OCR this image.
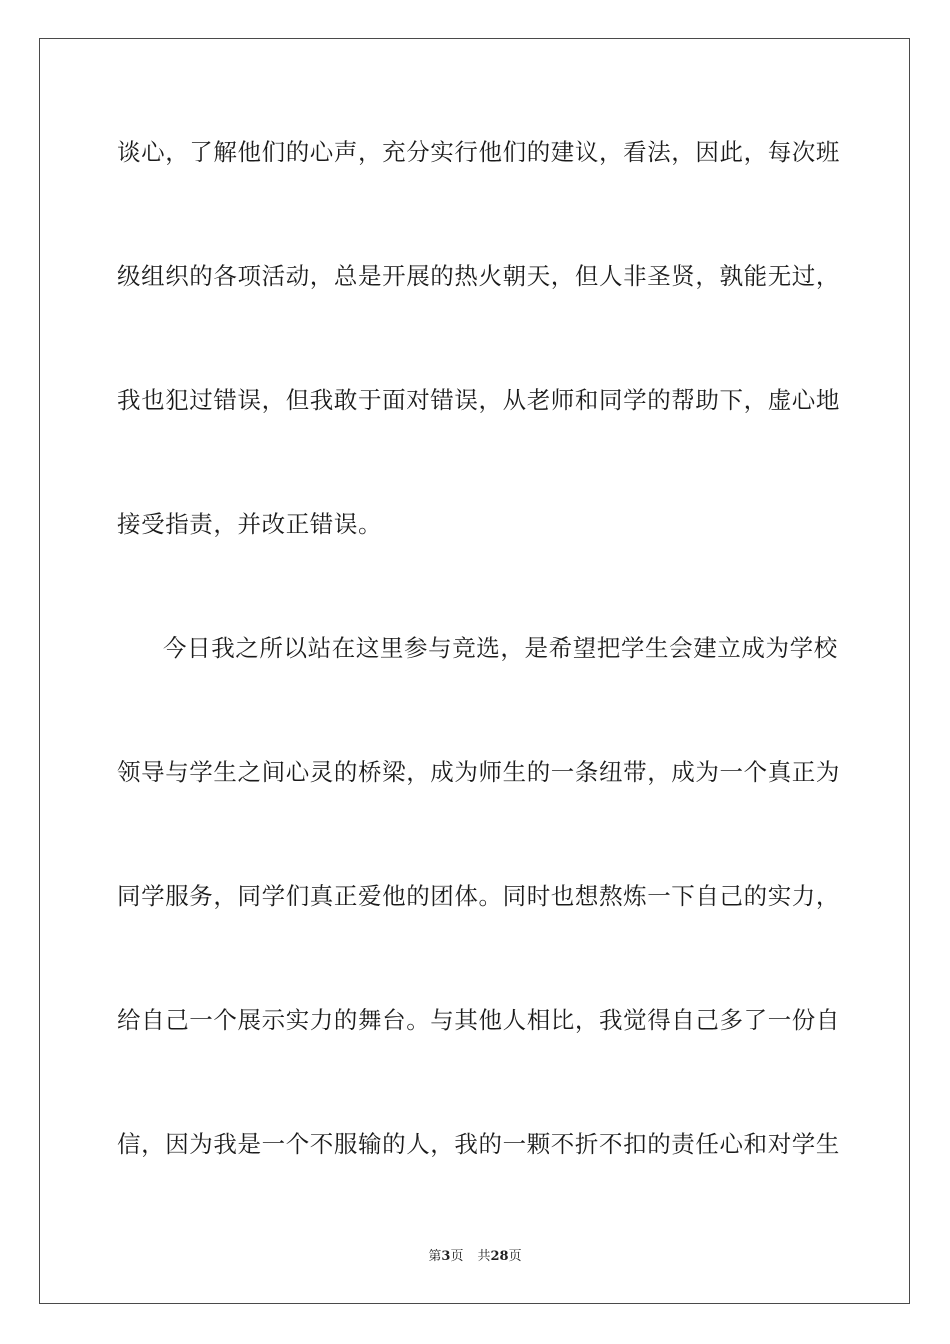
谈心，了解他们的心声，充分实行他们的建议，看法，因此，每次班
级组织的各项活动，总是开展的热火朝天，但人非圣贤，孰能无过，
我也犯过错误，但我敢于面对错误，从老师和同学的帮助下，虚心地
接受指责，并改正错误。
今日我之所以站在这里参与竞选，是希望把学生会建立成为学校
领导与学生之间心灵的桥梁，成为师生的一条纽带，成为一个真正为
同学服务，同学们真正爱他的团体。同时也想熬炼一下自己的实力，
给自己一个展示实力的舞台。与其他人相比，我觉得自己多了一份自
信，因为我是一个不服输的人，我的一颗不折不扣的责任心和对学生
第3页 共28页
